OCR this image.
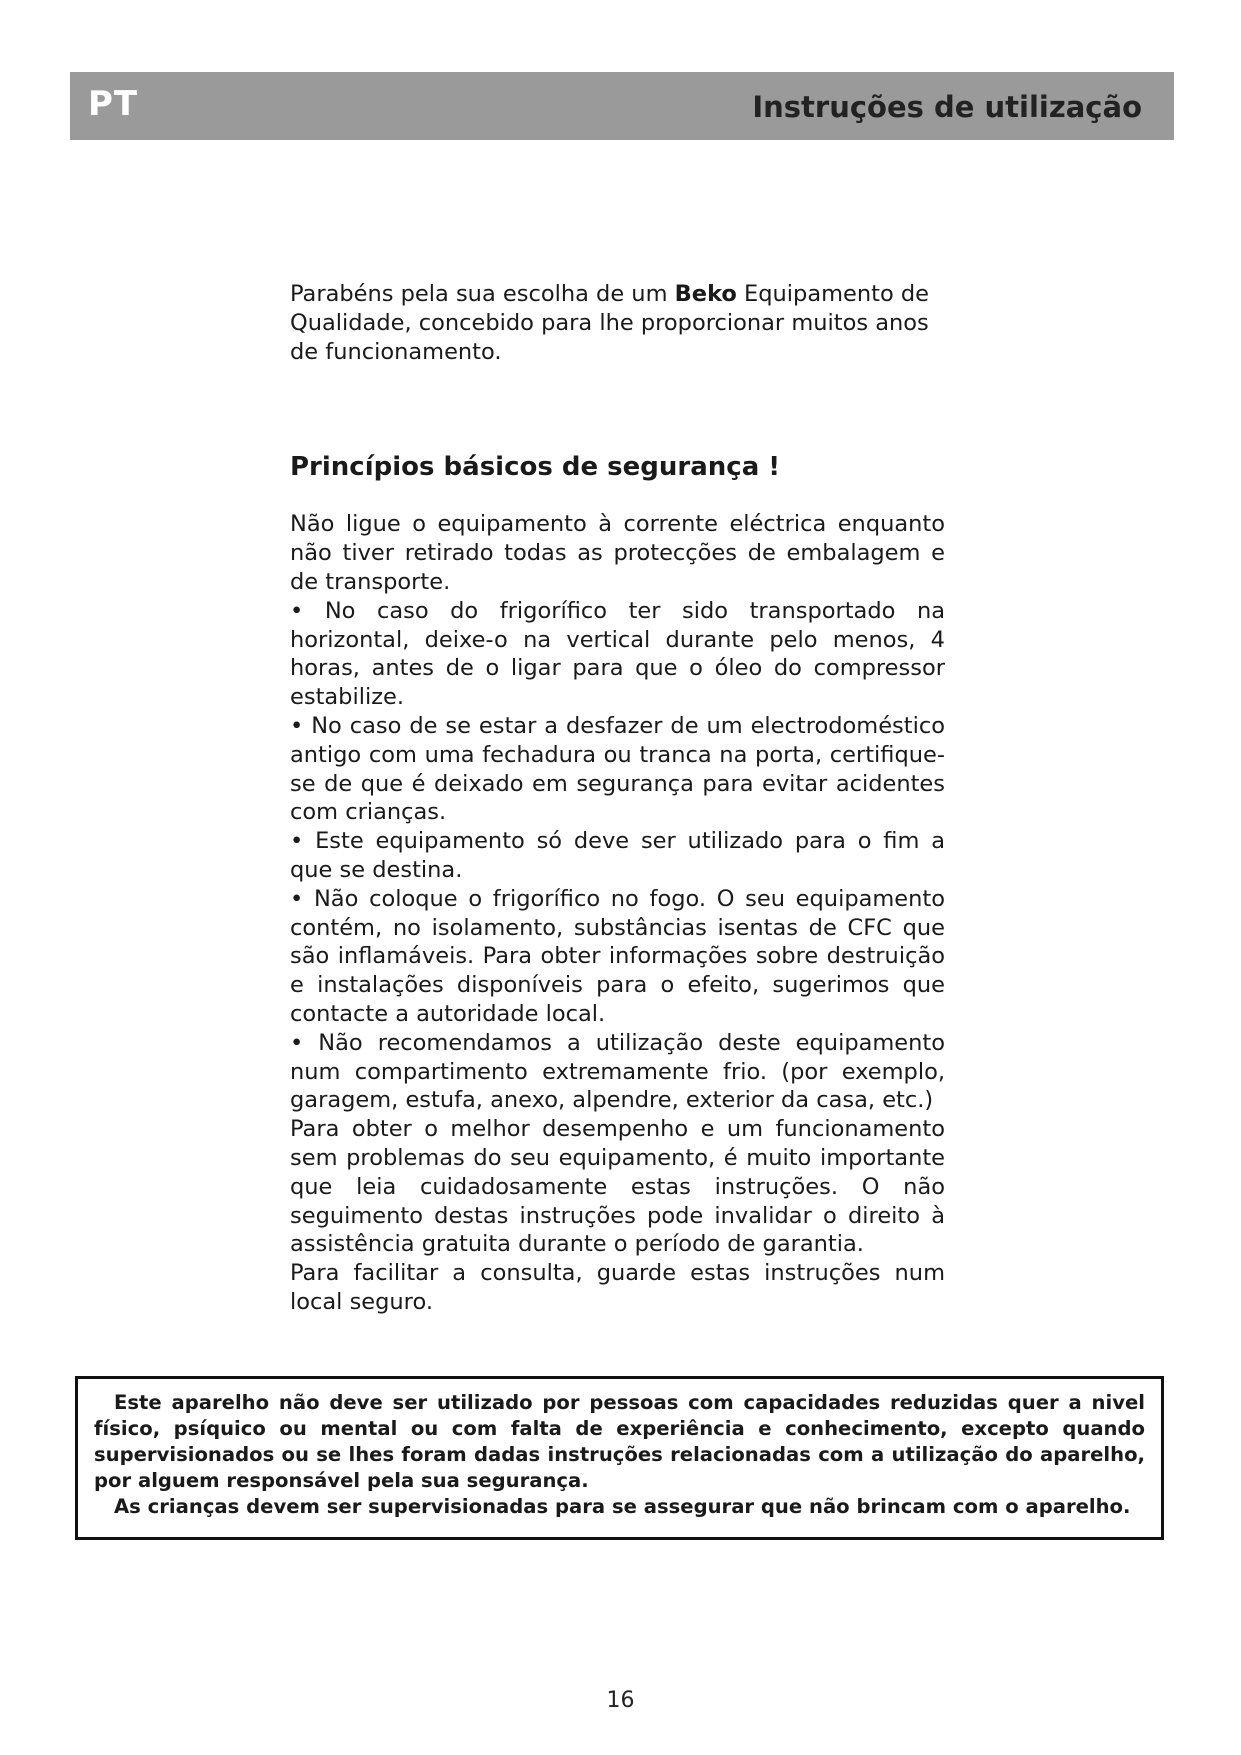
PT	Instruções de utilização

Parabéns pela sua escolha de um Beko Equipamento de Qualidade, concebido para lhe proporcionar muitos anos de funcionamento.

Princípios básicos de segurança !

Não ligue o equipamento à corrente eléctrica enquanto não tiver retirado todas as protecções de embalagem e de transporte.

• No caso do frigorífico ter sido transportado na horizontal, deixe-o na vertical durante pelo menos, 4 horas, antes de o ligar para que o óleo do compressor estabilize.

• No caso de se estar a desfazer de um electrodoméstico antigo com uma fechadura ou tranca na porta, certifique-se de que é deixado em segurança para evitar acidentes com crianças.

• Este equipamento só deve ser utilizado para o fim a que se destina.

• Não coloque o frigorífico no fogo. O seu equipamento contém, no isolamento, substâncias isentas de CFC que são inflamáveis. Para obter informações sobre destruição e instalações disponíveis para o efeito, sugerimos que contacte a autoridade local.

• Não recomendamos a utilização deste equipamento num compartimento extremamente frio. (por exemplo, garagem, estufa, anexo, alpendre, exterior da casa, etc.)

Para obter o melhor desempenho e um funcionamento sem problemas do seu equipamento, é muito importante que leia cuidadosamente estas instruções. O não seguimento destas instruções pode invalidar o direito à assistência gratuita durante o período de garantia.

Para facilitar a consulta, guarde estas instruções num local seguro.

Este aparelho não deve ser utilizado por pessoas com capacidades reduzidas quer a nivel físico, psíquico ou mental ou com falta de experiência e conhecimento, excepto quando supervisionados ou se lhes foram dadas instruções relacionadas com a utilização do aparelho, por alguem responsável pela sua segurança.

As crianças devem ser supervisionadas para se assegurar que não brincam com o aparelho.

16
